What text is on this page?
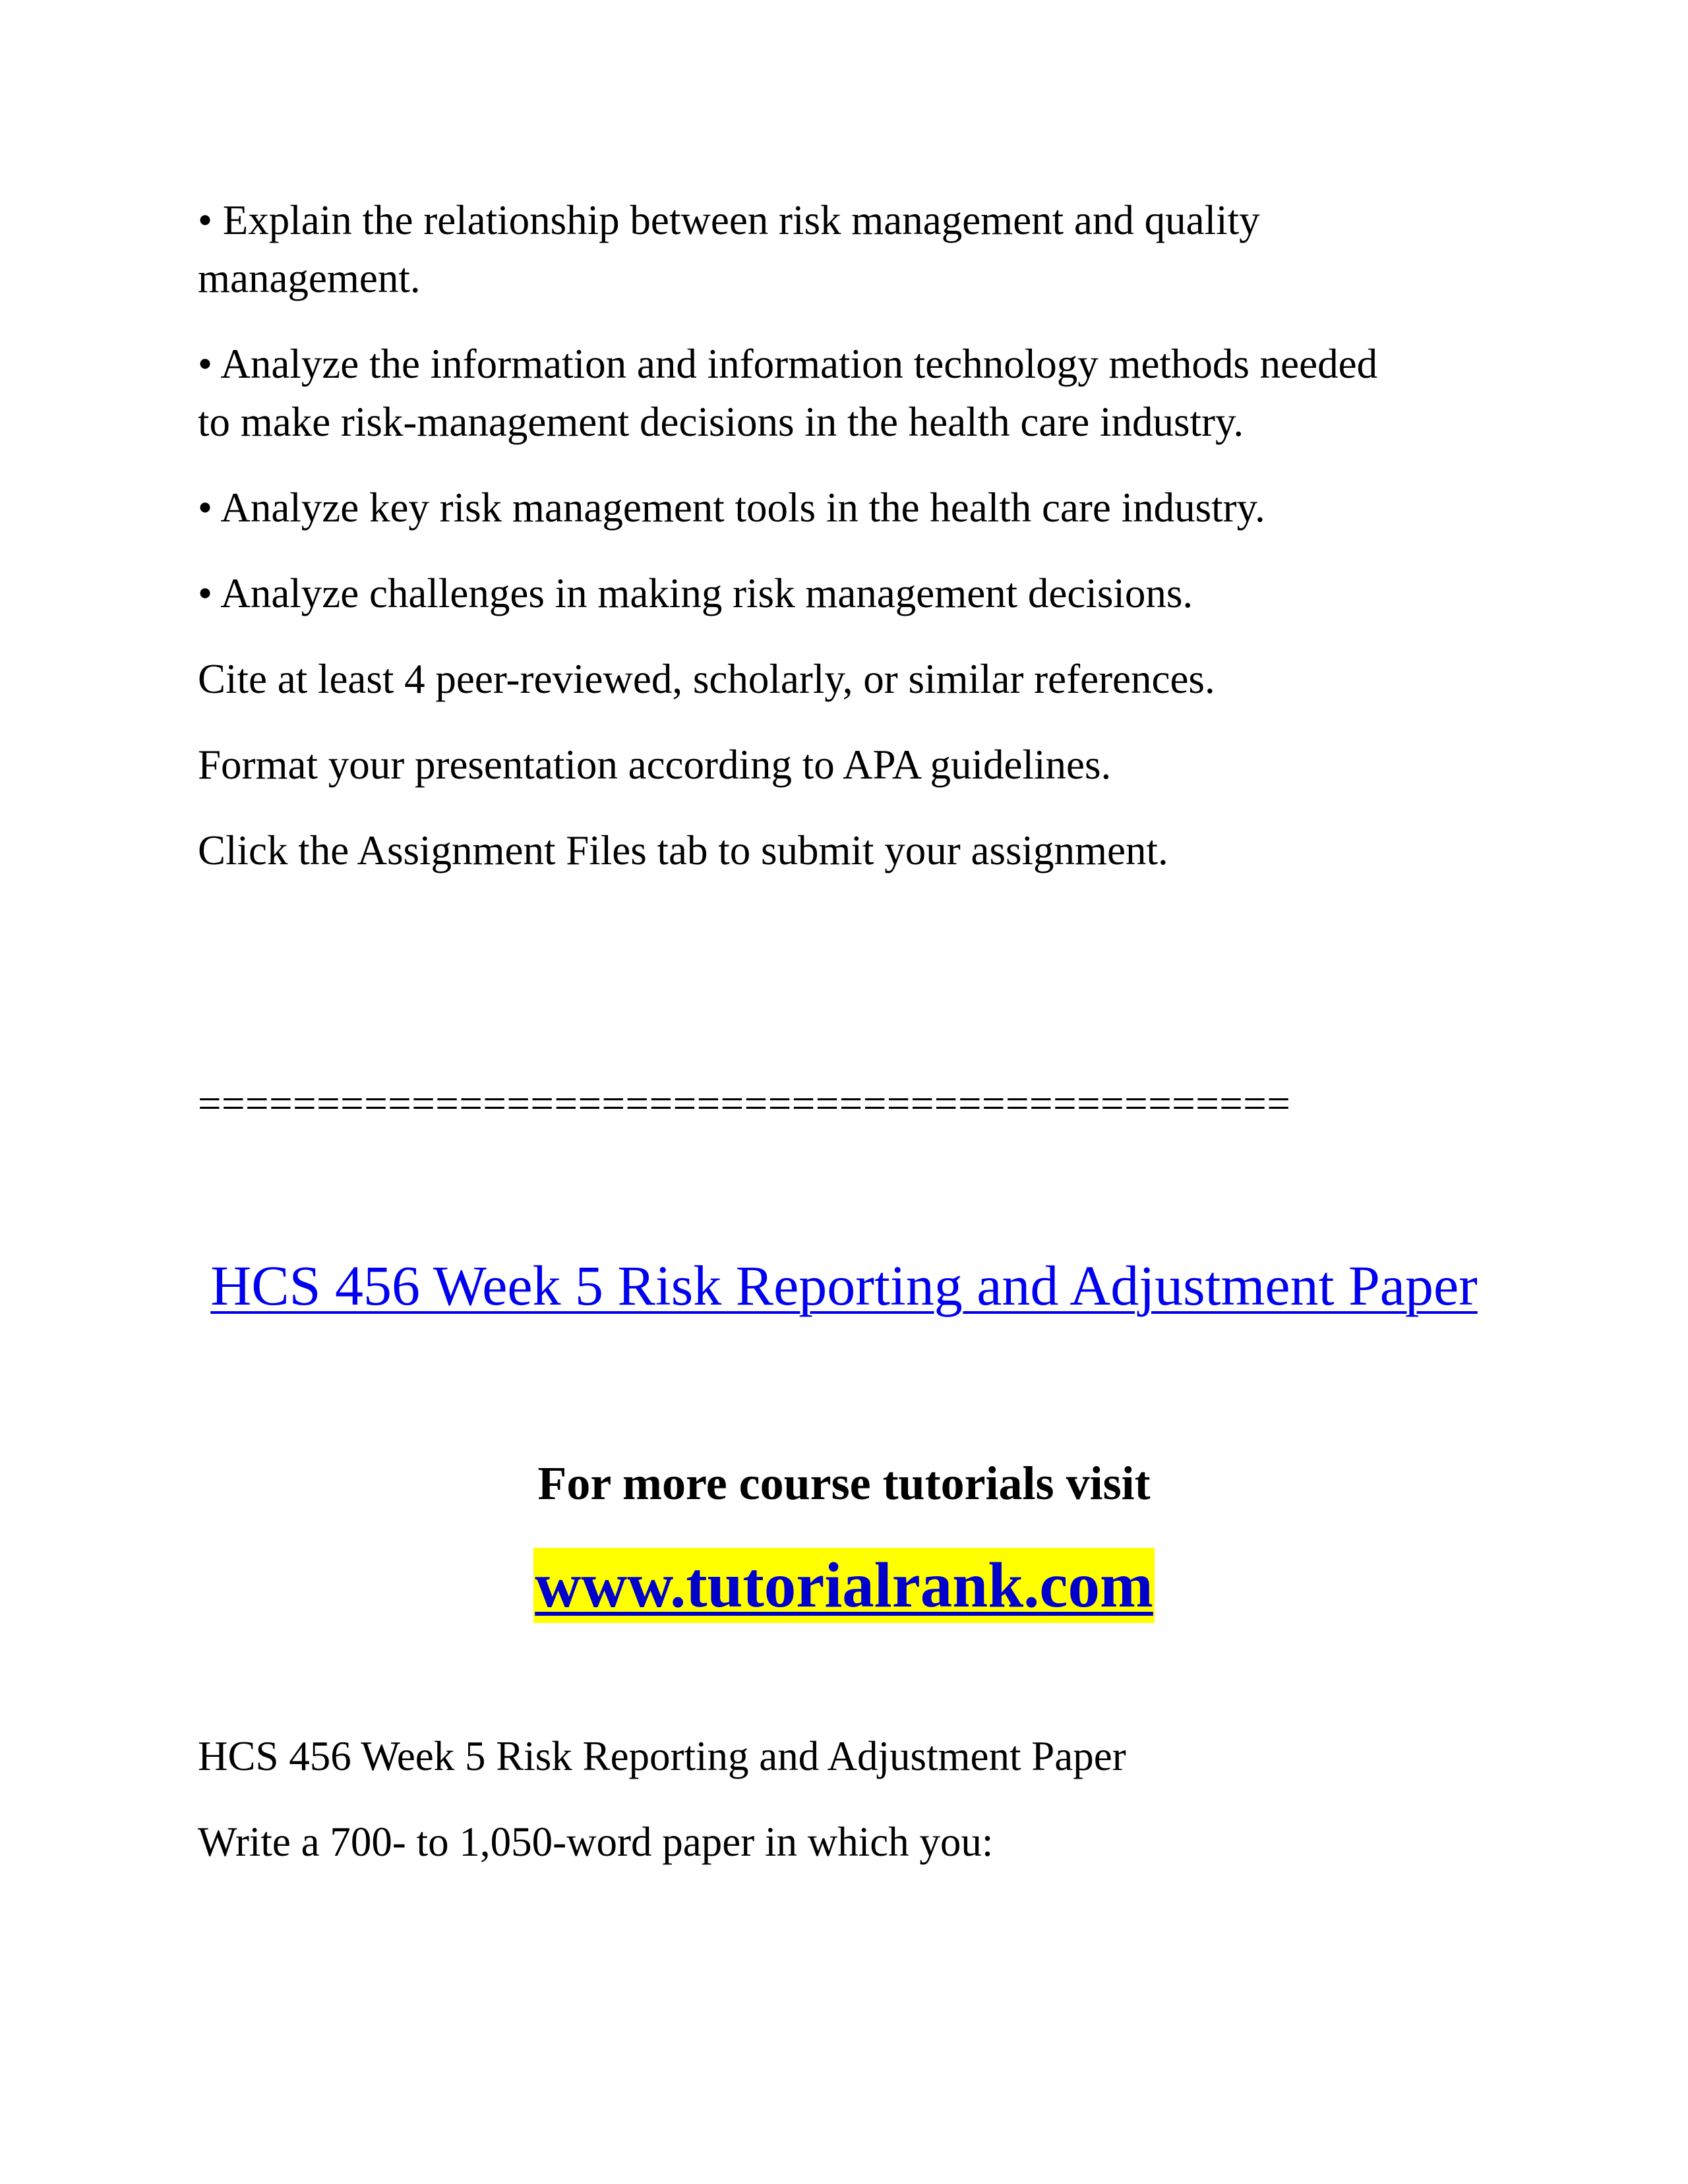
• Explain the relationship between risk management and quality

management.

• Analyze the information and information technology methods needed

to make risk-management decisions in the health care industry.

• Analyze key risk management tools in the health care industry.

• Analyze challenges in making risk management decisions.

Cite at least 4 peer-reviewed, scholarly, or similar references.

Format your presentation according to APA guidelines.

Click the Assignment Files tab to submit your assignment.

==============================================

HCS 456 Week 5 Risk Reporting and Adjustment Paper
For more course tutorials visit
www.tutorialrank.com

HCS 456 Week 5 Risk Reporting and Adjustment Paper

Write a 700- to 1,050-word paper in which you:
